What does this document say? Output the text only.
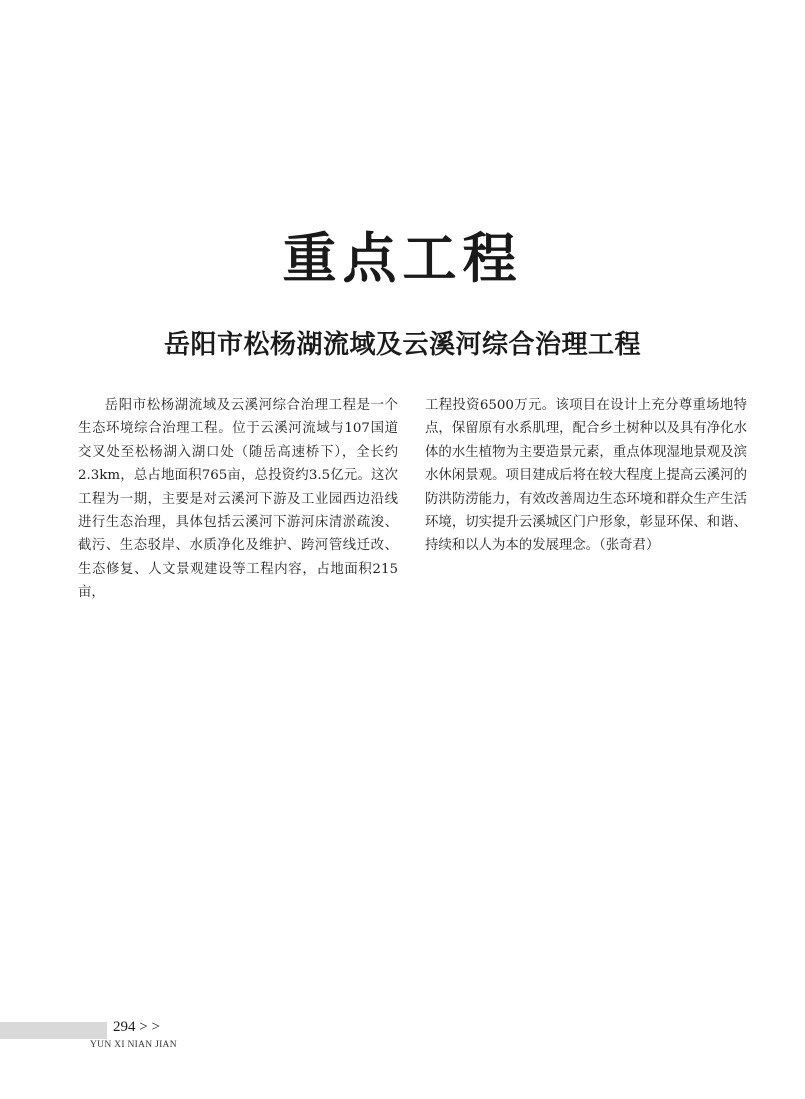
重点工程
岳阳市松杨湖流域及云溪河综合治理工程
岳阳市松杨湖流域及云溪河综合治理工程是一个生态环境综合治理工程。位于云溪河流域与107国道交叉处至松杨湖入湖口处（随岳高速桥下），全长约2.3km，总占地面积765亩，总投资约3.5亿元。这次工程为一期，主要是对云溪河下游及工业园西边沿线进行生态治理，具体包括云溪河下游河床清淤疏浚、截污、生态驳岸、水质净化及维护、跨河管线迁改、生态修复、人文景观建设等工程内容，占地面积215亩，
工程投资6500万元。该项目在设计上充分尊重场地特点，保留原有水系肌理，配合乡土树种以及具有净化水体的水生植物为主要造景元素，重点体现湿地景观及滨水休闲景观。项目建成后将在较大程度上提高云溪河的防洪防涝能力，有效改善周边生态环境和群众生产生活环境，切实提升云溪城区门户形象，彰显环保、和谐、持续和以人为本的发展理念。（张奇君）
294 > >
YUN XI NIAN JIAN
